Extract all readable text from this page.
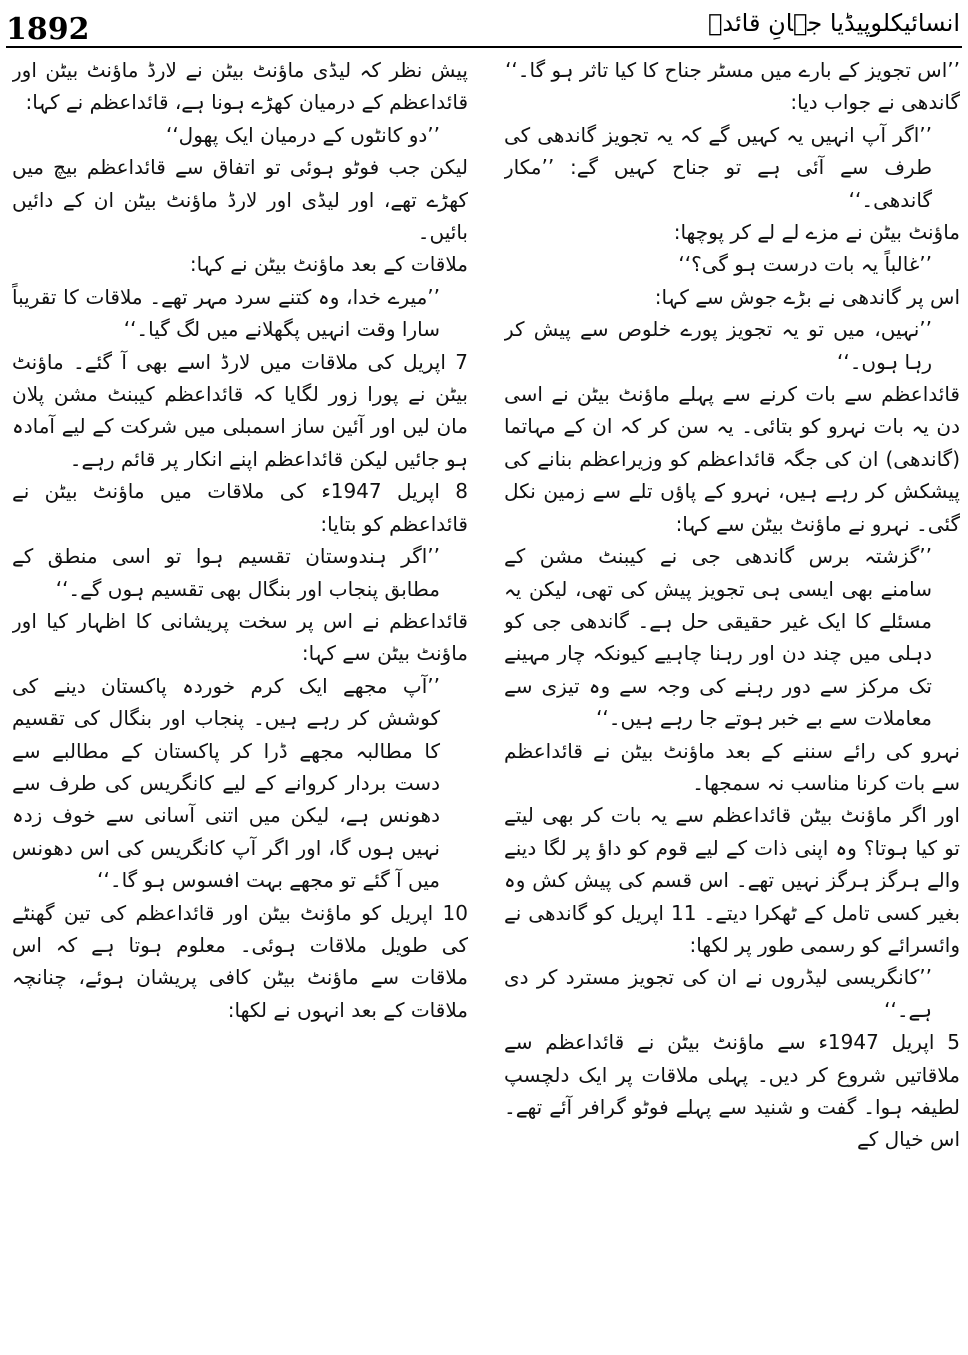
1892	انسائیکلوپیڈیا جہانِ قائدؒ

’’اس تجویز کے بارے میں مسٹر جناح کا کیا تاثر ہو گا۔‘‘

گاندھی نے جواب دیا:

’’اگر آپ انہیں یہ کہیں گے کہ یہ تجویز گاندھی کی طرف سے آئی ہے تو جناح کہیں گے: ’’مکار گاندھی۔‘‘

ماؤنٹ بیٹن نے مزے لے لے کر پوچھا:

’’غالباً یہ بات درست ہو گی؟‘‘

اس پر گاندھی نے بڑے جوش سے کہا:

’’نہیں، میں تو یہ تجویز پورے خلوص سے پیش کر رہا ہوں۔‘‘

قائداعظم سے بات کرنے سے پہلے ماؤنٹ بیٹن نے اسی دن یہ بات نہرو کو بتائی۔ یہ سن کر کہ ان کے مہاتما (گاندھی) ان کی جگہ قائداعظم کو وزیراعظم بنانے کی پیشکش کر رہے ہیں، نہرو کے پاؤں تلے سے زمین نکل گئی۔ نہرو نے ماؤنٹ بیٹن سے کہا:

’’گزشتہ برس گاندھی جی نے کیبنٹ مشن کے سامنے بھی ایسی ہی تجویز پیش کی تھی، لیکن یہ مسئلے کا ایک غیر حقیقی حل ہے۔ گاندھی جی کو دہلی میں چند دن اور رہنا چاہیے کیونکہ چار مہینے تک مرکز سے دور رہنے کی وجہ سے وہ تیزی سے معاملات سے بے خبر ہوتے جا رہے ہیں۔‘‘

نہرو کی رائے سننے کے بعد ماؤنٹ بیٹن نے قائداعظم سے بات کرنا مناسب نہ سمجھا۔

اور اگر ماؤنٹ بیٹن قائداعظم سے یہ بات کر بھی لیتے تو کیا ہوتا؟ وہ اپنی ذات کے لیے قوم کو داؤ پر لگا دینے والے ہرگز ہرگز نہیں تھے۔ اس قسم کی پیش کش وہ بغیر کسی تامل کے ٹھکرا دیتے۔ 11 اپریل کو گاندھی نے وائسرائے کو رسمی طور پر لکھا:

’’کانگریسی لیڈروں نے ان کی تجویز مسترد کر دی ہے۔‘‘

5 اپریل 1947ء سے ماؤنٹ بیٹن نے قائداعظم سے ملاقاتیں شروع کر دیں۔ پہلی ملاقات پر ایک دلچسپ لطیفہ ہوا۔ گفت و شنید سے پہلے فوٹو گرافر آئے تھے۔ اس خیال کے

پیش نظر کہ لیڈی ماؤنٹ بیٹن نے لارڈ ماؤنٹ بیٹن اور قائداعظم کے درمیان کھڑے ہونا ہے، قائداعظم نے کہا:

’’دو کانٹوں کے درمیان ایک پھول‘‘

لیکن جب فوٹو ہوئی تو اتفاق سے قائداعظم بیچ میں کھڑے تھے، اور لیڈی اور لارڈ ماؤنٹ بیٹن ان کے دائیں بائیں۔

ملاقات کے بعد ماؤنٹ بیٹن نے کہا:

’’میرے خدا، وہ کتنے سرد مہر تھے۔ ملاقات کا تقریباً سارا وقت انہیں پگھلانے میں لگ گیا۔‘‘

7 اپریل کی ملاقات میں لارڈ اسے بھی آ گئے۔ ماؤنٹ بیٹن نے پورا زور لگایا کہ قائداعظم کیبنٹ مشن پلان مان لیں اور آئین ساز اسمبلی میں شرکت کے لیے آمادہ ہو جائیں لیکن قائداعظم اپنے انکار پر قائم رہے۔

8 اپریل 1947ء کی ملاقات میں ماؤنٹ بیٹن نے قائداعظم کو بتایا:

’’اگر ہندوستان تقسیم ہوا تو اسی منطق کے مطابق پنجاب اور بنگال بھی تقسیم ہوں گے۔‘‘

قائداعظم نے اس پر سخت پریشانی کا اظہار کیا اور ماؤنٹ بیٹن سے کہا:

’’آپ مجھے ایک کرم خوردہ پاکستان دینے کی کوشش کر رہے ہیں۔ پنجاب اور بنگال کی تقسیم کا مطالبہ مجھے ڈرا کر پاکستان کے مطالبے سے دست بردار کروانے کے لیے کانگریس کی طرف سے دھونس ہے، لیکن میں اتنی آسانی سے خوف زدہ نہیں ہوں گا، اور اگر آپ کانگریس کی اس دھونس میں آ گئے تو مجھے بہت افسوس ہو گا۔‘‘

10 اپریل کو ماؤنٹ بیٹن اور قائداعظم کی تین گھنٹے کی طویل ملاقات ہوئی۔ معلوم ہوتا ہے کہ اس ملاقات سے ماؤنٹ بیٹن کافی پریشان ہوئے، چنانچہ ملاقات کے بعد انہوں نے لکھا:
